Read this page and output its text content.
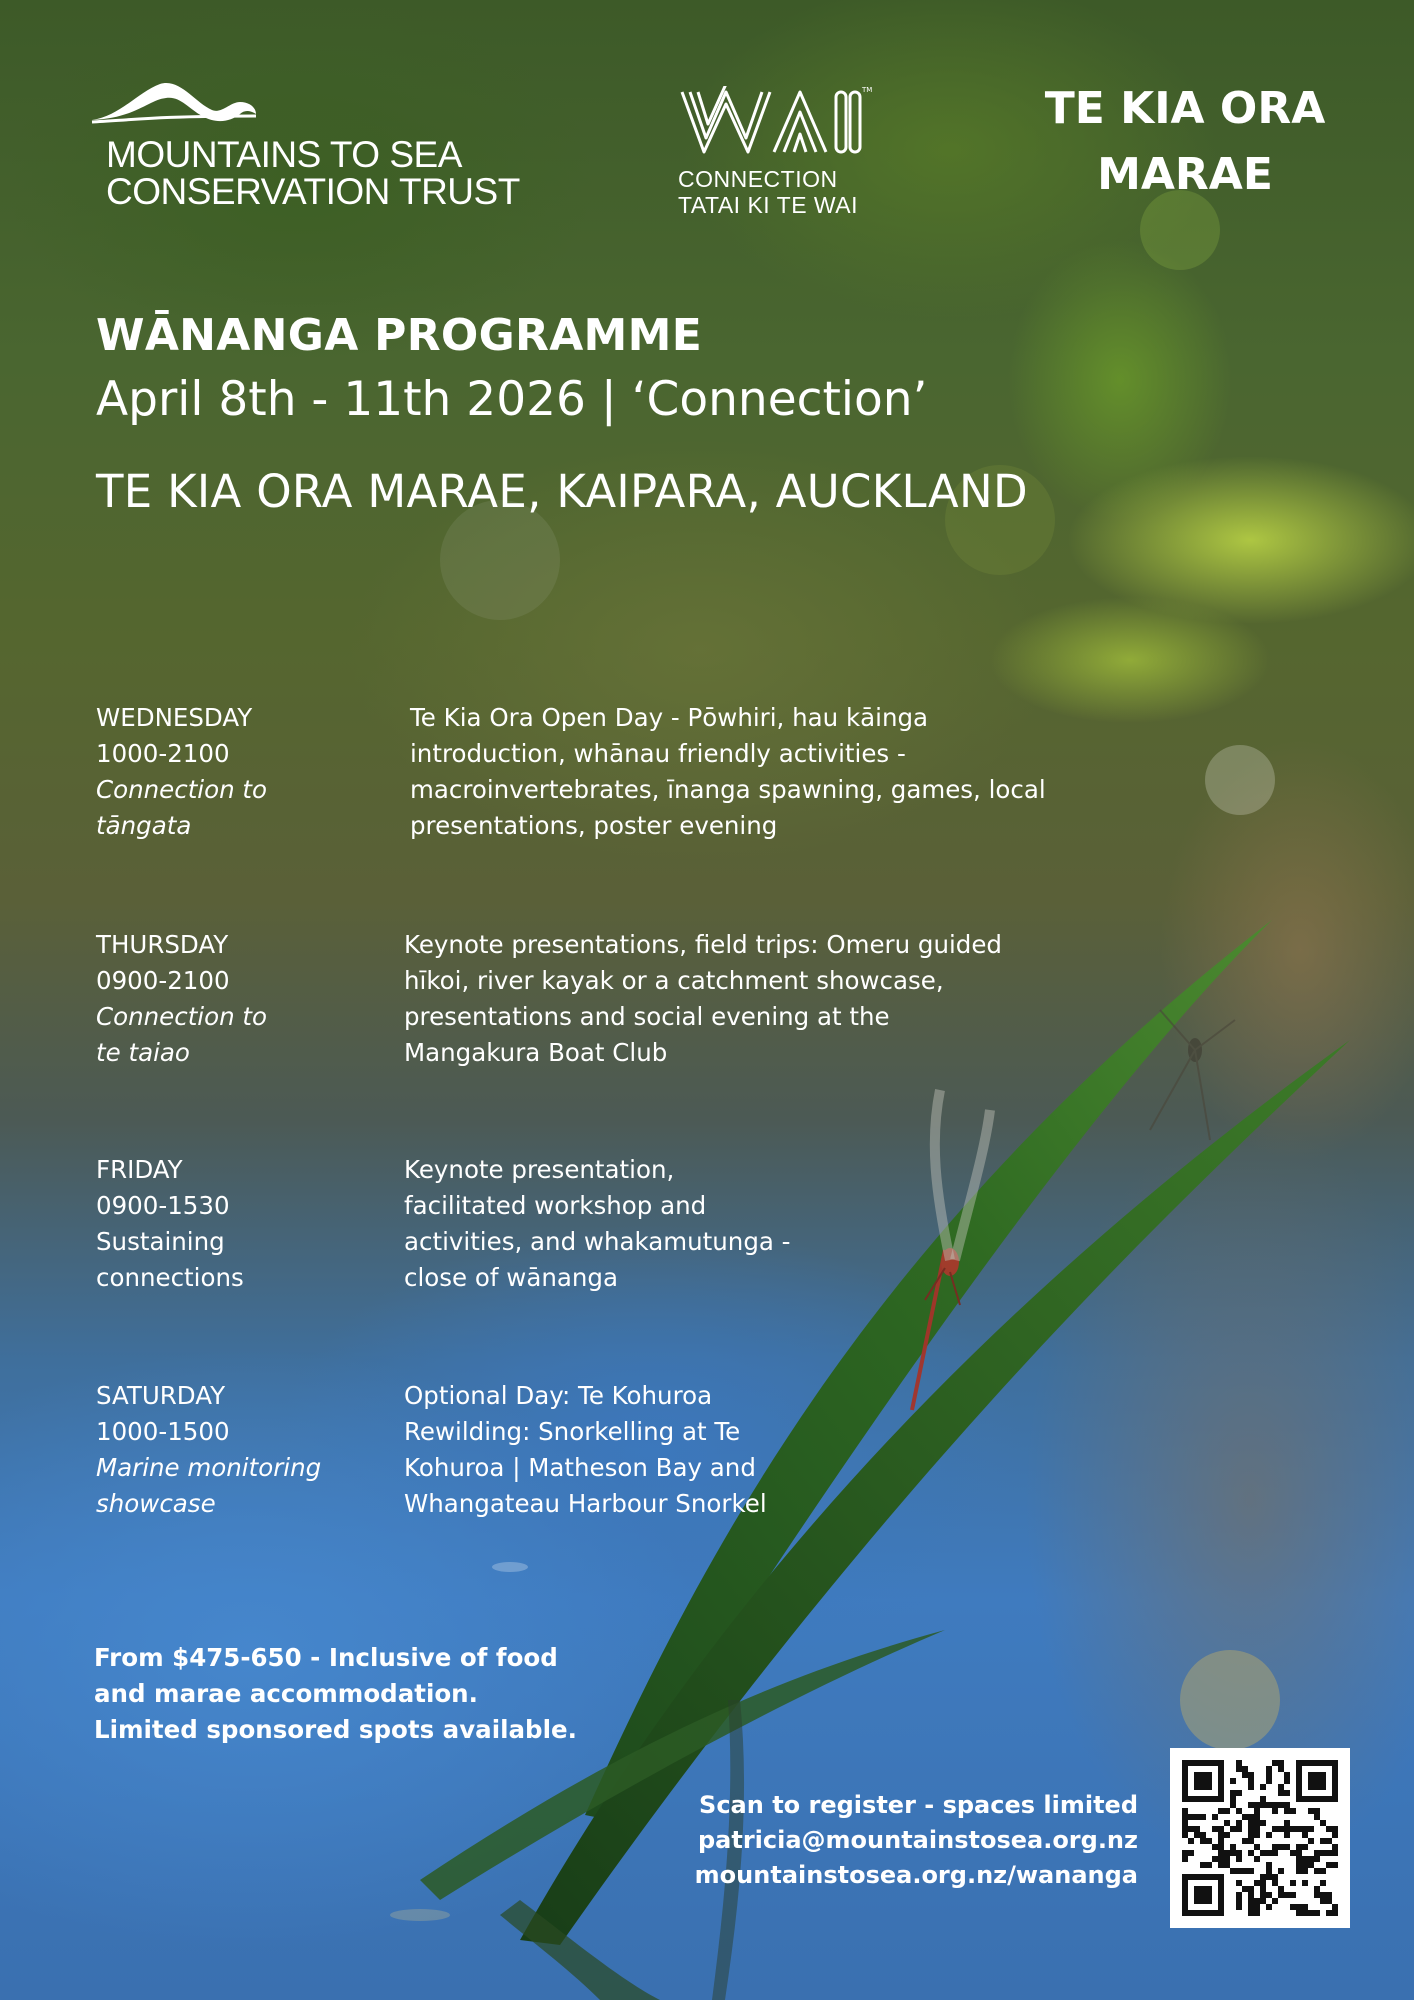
MOUNTAINS TO SEA
CONSERVATION TRUST
TM
CONNECTION
TATAI KI TE WAI
TE KIA ORA
MARAE
WĀNANGA PROGRAMME
April 8th - 11th 2026 | ‘Connection’
TE KIA ORA MARAE, KAIPARA, AUCKLAND
WEDNESDAY
1000-2100
Connection to
tāngata
Te Kia Ora Open Day - Pōwhiri, hau kāinga
introduction, whānau friendly activities -
macroinvertebrates, īnanga spawning, games, local
presentations, poster evening
THURSDAY
0900-2100
Connection to
te taiao
Keynote presentations, field trips: Omeru guided
hīkoi, river kayak or a catchment showcase,
presentations and social evening at the
Mangakura Boat Club
FRIDAY
0900-1530
Sustaining
connections
Keynote presentation,
facilitated workshop and
activities, and whakamutunga -
close of wānanga
SATURDAY
1000-1500
Marine monitoring
showcase
Optional Day: Te Kohuroa
Rewilding: Snorkelling at Te
Kohuroa | Matheson Bay and
Whangateau Harbour Snorkel
From $475-650 - Inclusive of food
and marae accommodation.
Limited sponsored spots available.
Scan to register - spaces limited
patricia@mountainstosea.org.nz
mountainstosea.org.nz/wananga
